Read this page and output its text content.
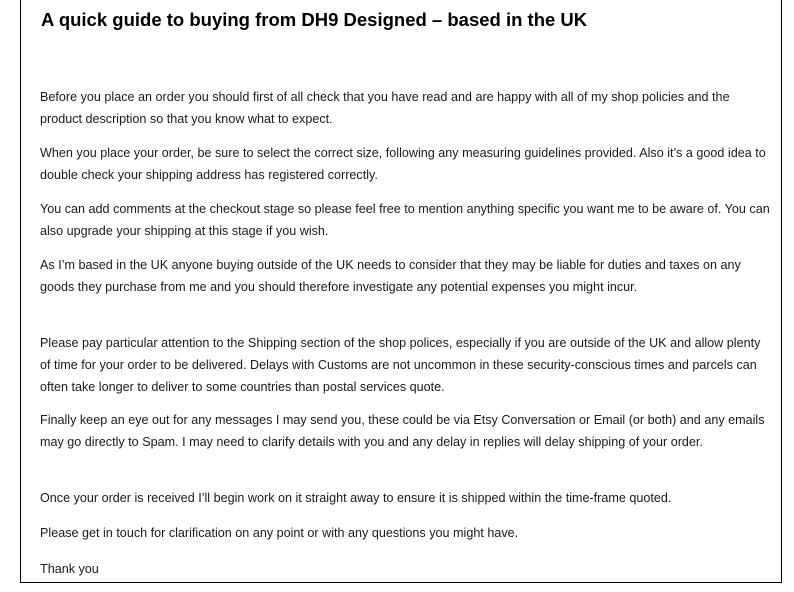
A quick guide to buying from DH9 Designed – based in the UK

Before you place an order you should first of all check that you have read and are happy with all of my shop policies and the product description so that you know what to expect.

When you place your order, be sure to select the correct size, following any measuring guidelines provided. Also it’s a good idea to double check your shipping address has registered correctly.

You can add comments at the checkout stage so please feel free to mention anything specific you want me to be aware of. You can also upgrade your shipping at this stage if you wish.

As I’m based in the UK anyone buying outside of the UK needs to consider that they may be liable for duties and taxes on any goods they purchase from me and you should therefore investigate any potential expenses you might incur.

Please pay particular attention to the Shipping section of the shop polices, especially if you are outside of the UK and allow plenty of time for your order to be delivered. Delays with Customs are not uncommon in these security-conscious times and parcels can often take longer to deliver to some countries than postal services quote.

Finally keep an eye out for any messages I may send you, these could be via Etsy Conversation or Email (or both) and any emails may go directly to Spam. I may need to clarify details with you and any delay in replies will delay shipping of your order.

Once your order is received I’ll begin work on it straight away to ensure it is shipped within the time-frame quoted.

Please get in touch for clarification on any point or with any questions you might have.

Thank you
